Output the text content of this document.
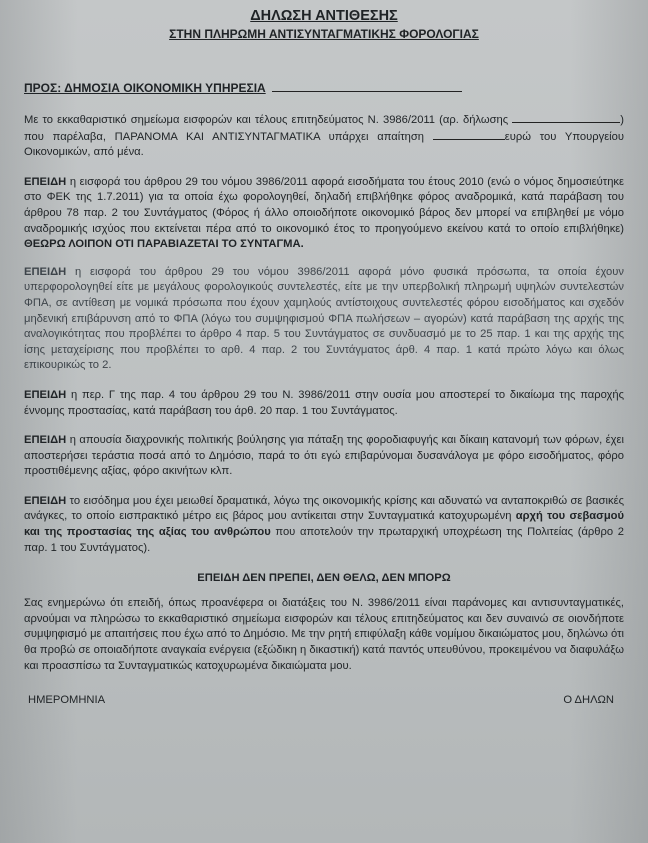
ΔΗΛΩΣΗ ΑΝΤΙΘΕΣΗΣ
ΣΤΗΝ ΠΛΗΡΩΜΗ ΑΝΤΙΣΥΝΤΑΓΜΑΤΙΚΗΣ ΦΟΡΟΛΟΓΙΑΣ
ΠΡΟΣ: ΔΗΜΟΣΙΑ ΟΙΚΟΝΟΜΙΚΗ ΥΠΗΡΕΣΙΑ

Με το εκκαθαριστικό σημείωμα εισφορών και τέλους επιτηδεύματος Ν. 3986/2011 (αρ. δήλωσης	) που παρέλαβα, ΠΑΡΑΝΟΜΑ ΚΑΙ ΑΝΤΙΣΥΝΤΑΓΜΑΤΙΚΑ υπάρχει απαίτηση	ευρώ του Υπουργείου Οικονομικών, από μένα.

ΕΠΕΙΔΗ η εισφορά του άρθρου 29 του νόμου 3986/2011 αφορά εισοδήματα του έτους 2010 (ενώ ο νόμος δημοσιεύτηκε στο ΦΕΚ της 1.7.2011) για τα οποία έχω φορολογηθεί, δηλαδή επιβλήθηκε φόρος αναδρομικά, κατά παράβαση του άρθρου 78 παρ. 2 του Συντάγματος (Φόρος ή άλλο οποιοδήποτε οικονομικό βάρος δεν μπορεί να επιβληθεί με νόμο αναδρομικής ισχύος που εκτείνεται πέρα από το οικονομικό έτος το προηγούμενο εκείνου κατά το οποίο επιβλήθηκε) ΘΕΩΡΩ ΛΟΙΠΟΝ ΟΤΙ ΠΑΡΑΒΙΑΖΕΤΑΙ ΤΟ ΣΥΝΤΑΓΜΑ.

ΕΠΕΙΔΗ η εισφορά του άρθρου 29 του νόμου 3986/2011 αφορά μόνο φυσικά πρόσωπα, τα οποία έχουν υπερφορολογηθεί είτε με μεγάλους φορολογικούς συντελεστές, είτε με την υπερβολική πληρωμή υψηλών συντελεστών ΦΠΑ, σε αντίθεση με νομικά πρόσωπα που έχουν χαμηλούς αντίστοιχους συντελεστές φόρου εισοδήματος και σχεδόν μηδενική επιβάρυνση από το ΦΠΑ (λόγω του συμψηφισμού ΦΠΑ πωλήσεων – αγορών) κατά παράβαση της αρχής της αναλογικότητας που προβλέπει το άρθρο 4 παρ. 5 του Συντάγματος σε συνδυασμό με το 25 παρ. 1 και της αρχής της ίσης μεταχείρισης που προβλέπει το αρθ. 4 παρ. 2 του Συντάγματος άρθ. 4 παρ. 1 κατά πρώτο λόγω και όλως επικουρικώς το 2.

ΕΠΕΙΔΗ η περ. Γ της παρ. 4 του άρθρου 29 του Ν. 3986/2011 στην ουσία μου αποστερεί το δικαίωμα της παροχής έννομης προστασίας, κατά παράβαση του άρθ. 20 παρ. 1 του Συντάγματος.

ΕΠΕΙΔΗ η απουσία διαχρονικής πολιτικής βούλησης για πάταξη της φοροδιαφυγής και δίκαιη κατανομή των φόρων, έχει αποστερήσει τεράστια ποσά από το Δημόσιο, παρά το ότι εγώ επιβαρύνομαι δυσανάλογα με φόρο εισοδήματος, φόρο προστιθέμενης αξίας, φόρο ακινήτων κλπ.

ΕΠΕΙΔΗ το εισόδημα μου έχει μειωθεί δραματικά, λόγω της οικονομικής κρίσης και αδυνατώ να ανταποκριθώ σε βασικές ανάγκες, το οποίο εισπρακτικό μέτρο εις βάρος μου αντίκειται στην Συνταγματικά κατοχυρωμένη αρχή του σεβασμού και της προστασίας της αξίας του ανθρώπου που αποτελούν την πρωταρχική υποχρέωση της Πολιτείας (άρθρο 2 παρ. 1 του Συντάγματος).

ΕΠΕΙΔΗ ΔΕΝ ΠΡΕΠΕΙ, ΔΕΝ ΘΕΛΩ, ΔΕΝ ΜΠΟΡΩ

Σας ενημερώνω ότι επειδή, όπως προανέφερα οι διατάξεις του Ν. 3986/2011 είναι παράνομες και αντισυνταγματικές, αρνούμαι να πληρώσω το εκκαθαριστικό σημείωμα εισφορών και τέλους επιτηδεύματος και δεν συναινώ σε οιονδήποτε συμψηφισμό με απαιτήσεις που έχω από το Δημόσιο. Με την ρητή επιφύλαξη κάθε νομίμου δικαιώματος μου, δηλώνω ότι θα προβώ σε οποιαδήποτε αναγκαία ενέργεια (εξώδικη η δικαστική) κατά παντός υπευθύνου, προκειμένου να διαφυλάξω και προασπίσω τα Συνταγματικώς κατοχυρωμένα δικαιώματα μου.

ΗΜΕΡΟΜΗΝΙΑ	Ο ΔΗΛΩΝ
